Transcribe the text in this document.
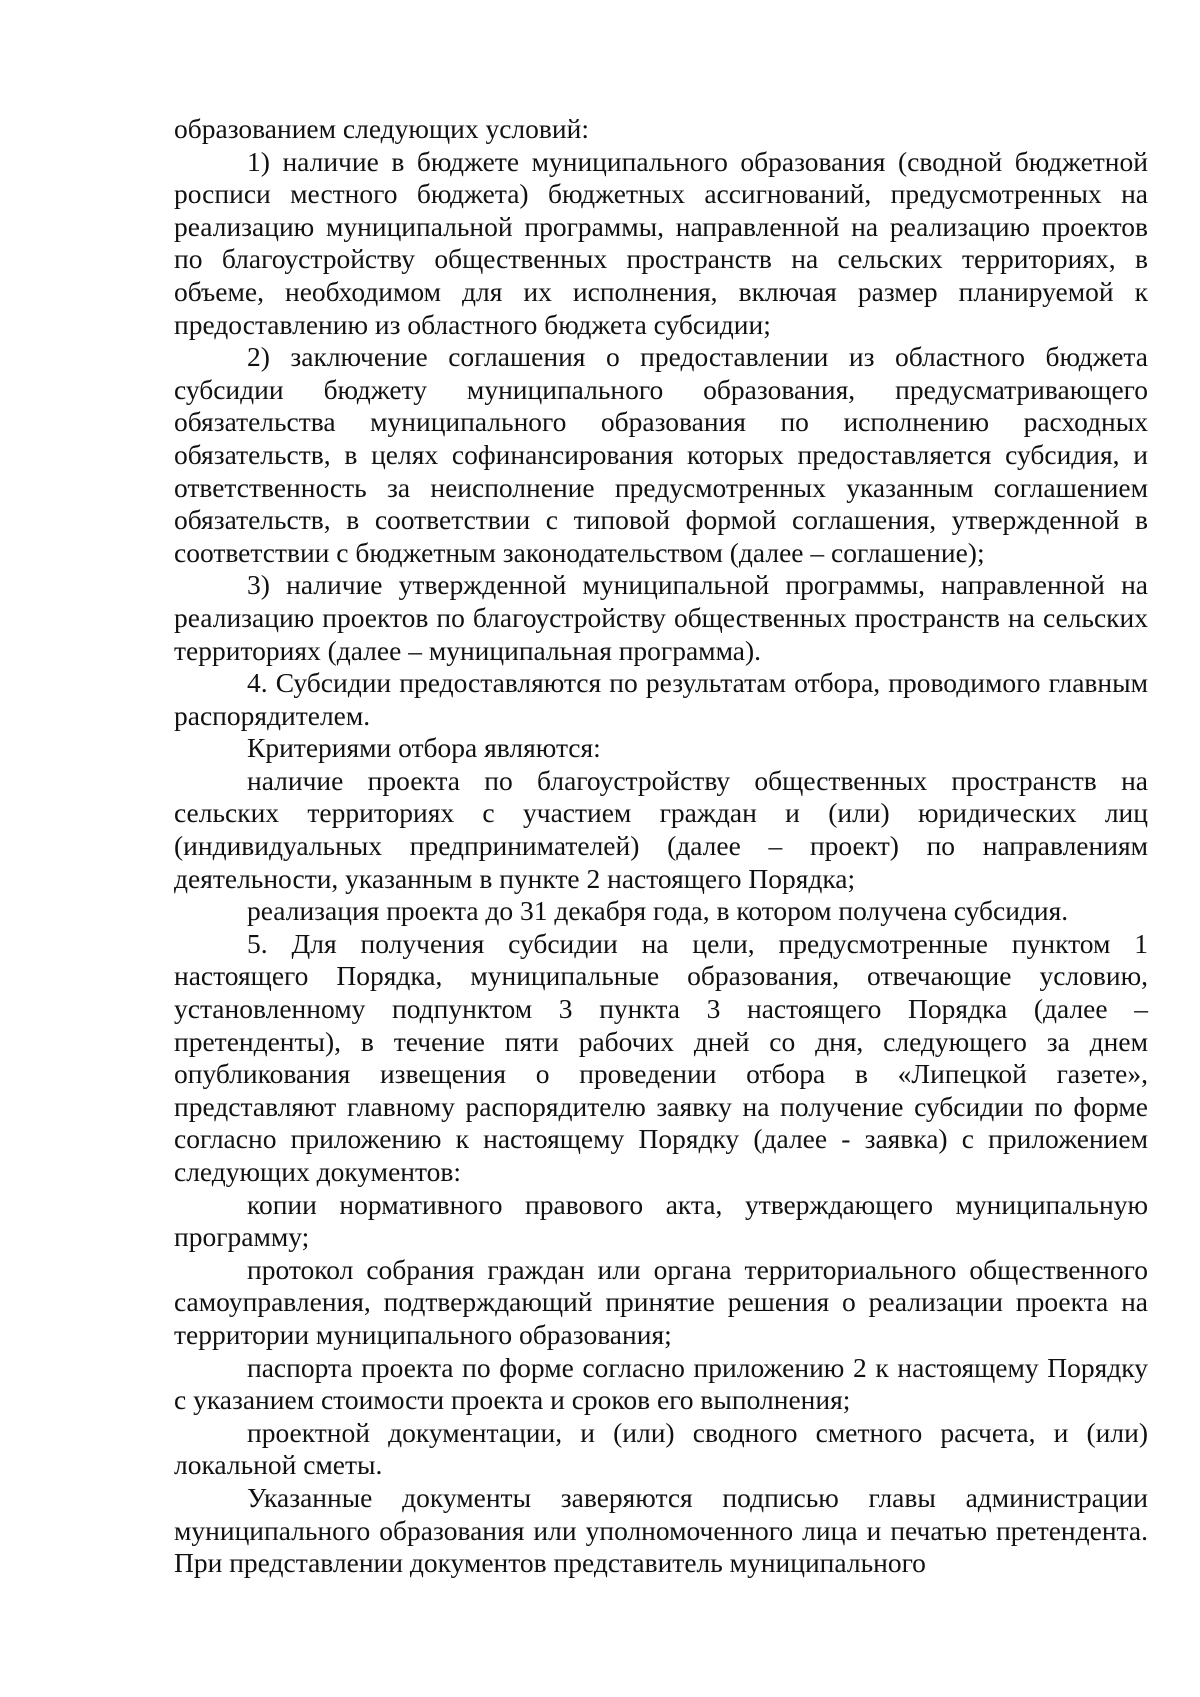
образованием следующих условий:

1) наличие в бюджете муниципального образования (сводной бюджетной росписи местного бюджета) бюджетных ассигнований, предусмотренных на реализацию муниципальной программы, направленной на реализацию проектов по благоустройству общественных пространств на сельских территориях, в объеме, необходимом для их исполнения, включая размер планируемой к предоставлению из областного бюджета субсидии;

2) заключение соглашения о предоставлении из областного бюджета субсидии бюджету муниципального образования, предусматривающего обязательства муниципального образования по исполнению расходных обязательств, в целях софинансирования которых предоставляется субсидия, и ответственность за неисполнение предусмотренных указанным соглашением обязательств, в соответствии с типовой формой соглашения, утвержденной в соответствии с бюджетным законодательством (далее – соглашение);

3) наличие утвержденной муниципальной программы, направленной на реализацию проектов по благоустройству общественных пространств на сельских территориях (далее – муниципальная программа).

4. Субсидии предоставляются по результатам отбора, проводимого главным распорядителем.

Критериями отбора являются:

наличие проекта по благоустройству общественных пространств на сельских территориях с участием граждан и (или) юридических лиц (индивидуальных предпринимателей) (далее – проект) по направлениям деятельности, указанным в пункте 2 настоящего Порядка;

реализация проекта до 31 декабря года, в котором получена субсидия.

5. Для получения субсидии на цели, предусмотренные пунктом 1 настоящего Порядка, муниципальные образования, отвечающие условию, установленному подпунктом 3 пункта 3 настоящего Порядка (далее – претенденты), в течение пяти рабочих дней со дня, следующего за днем опубликования извещения о проведении отбора в «Липецкой газете», представляют главному распорядителю заявку на получение субсидии по форме согласно приложению к настоящему Порядку (далее - заявка) с приложением следующих документов:

копии нормативного правового акта, утверждающего муниципальную программу;

протокол собрания граждан или органа территориального общественного самоуправления, подтверждающий принятие решения о реализации проекта на территории муниципального образования;

паспорта проекта по форме согласно приложению 2 к настоящему Порядку с указанием стоимости проекта и сроков его выполнения;

проектной документации, и (или) сводного сметного расчета, и (или) локальной сметы.

Указанные документы заверяются подписью главы администрации муниципального образования или уполномоченного лица и печатью претендента. При представлении документов представитель муниципального
